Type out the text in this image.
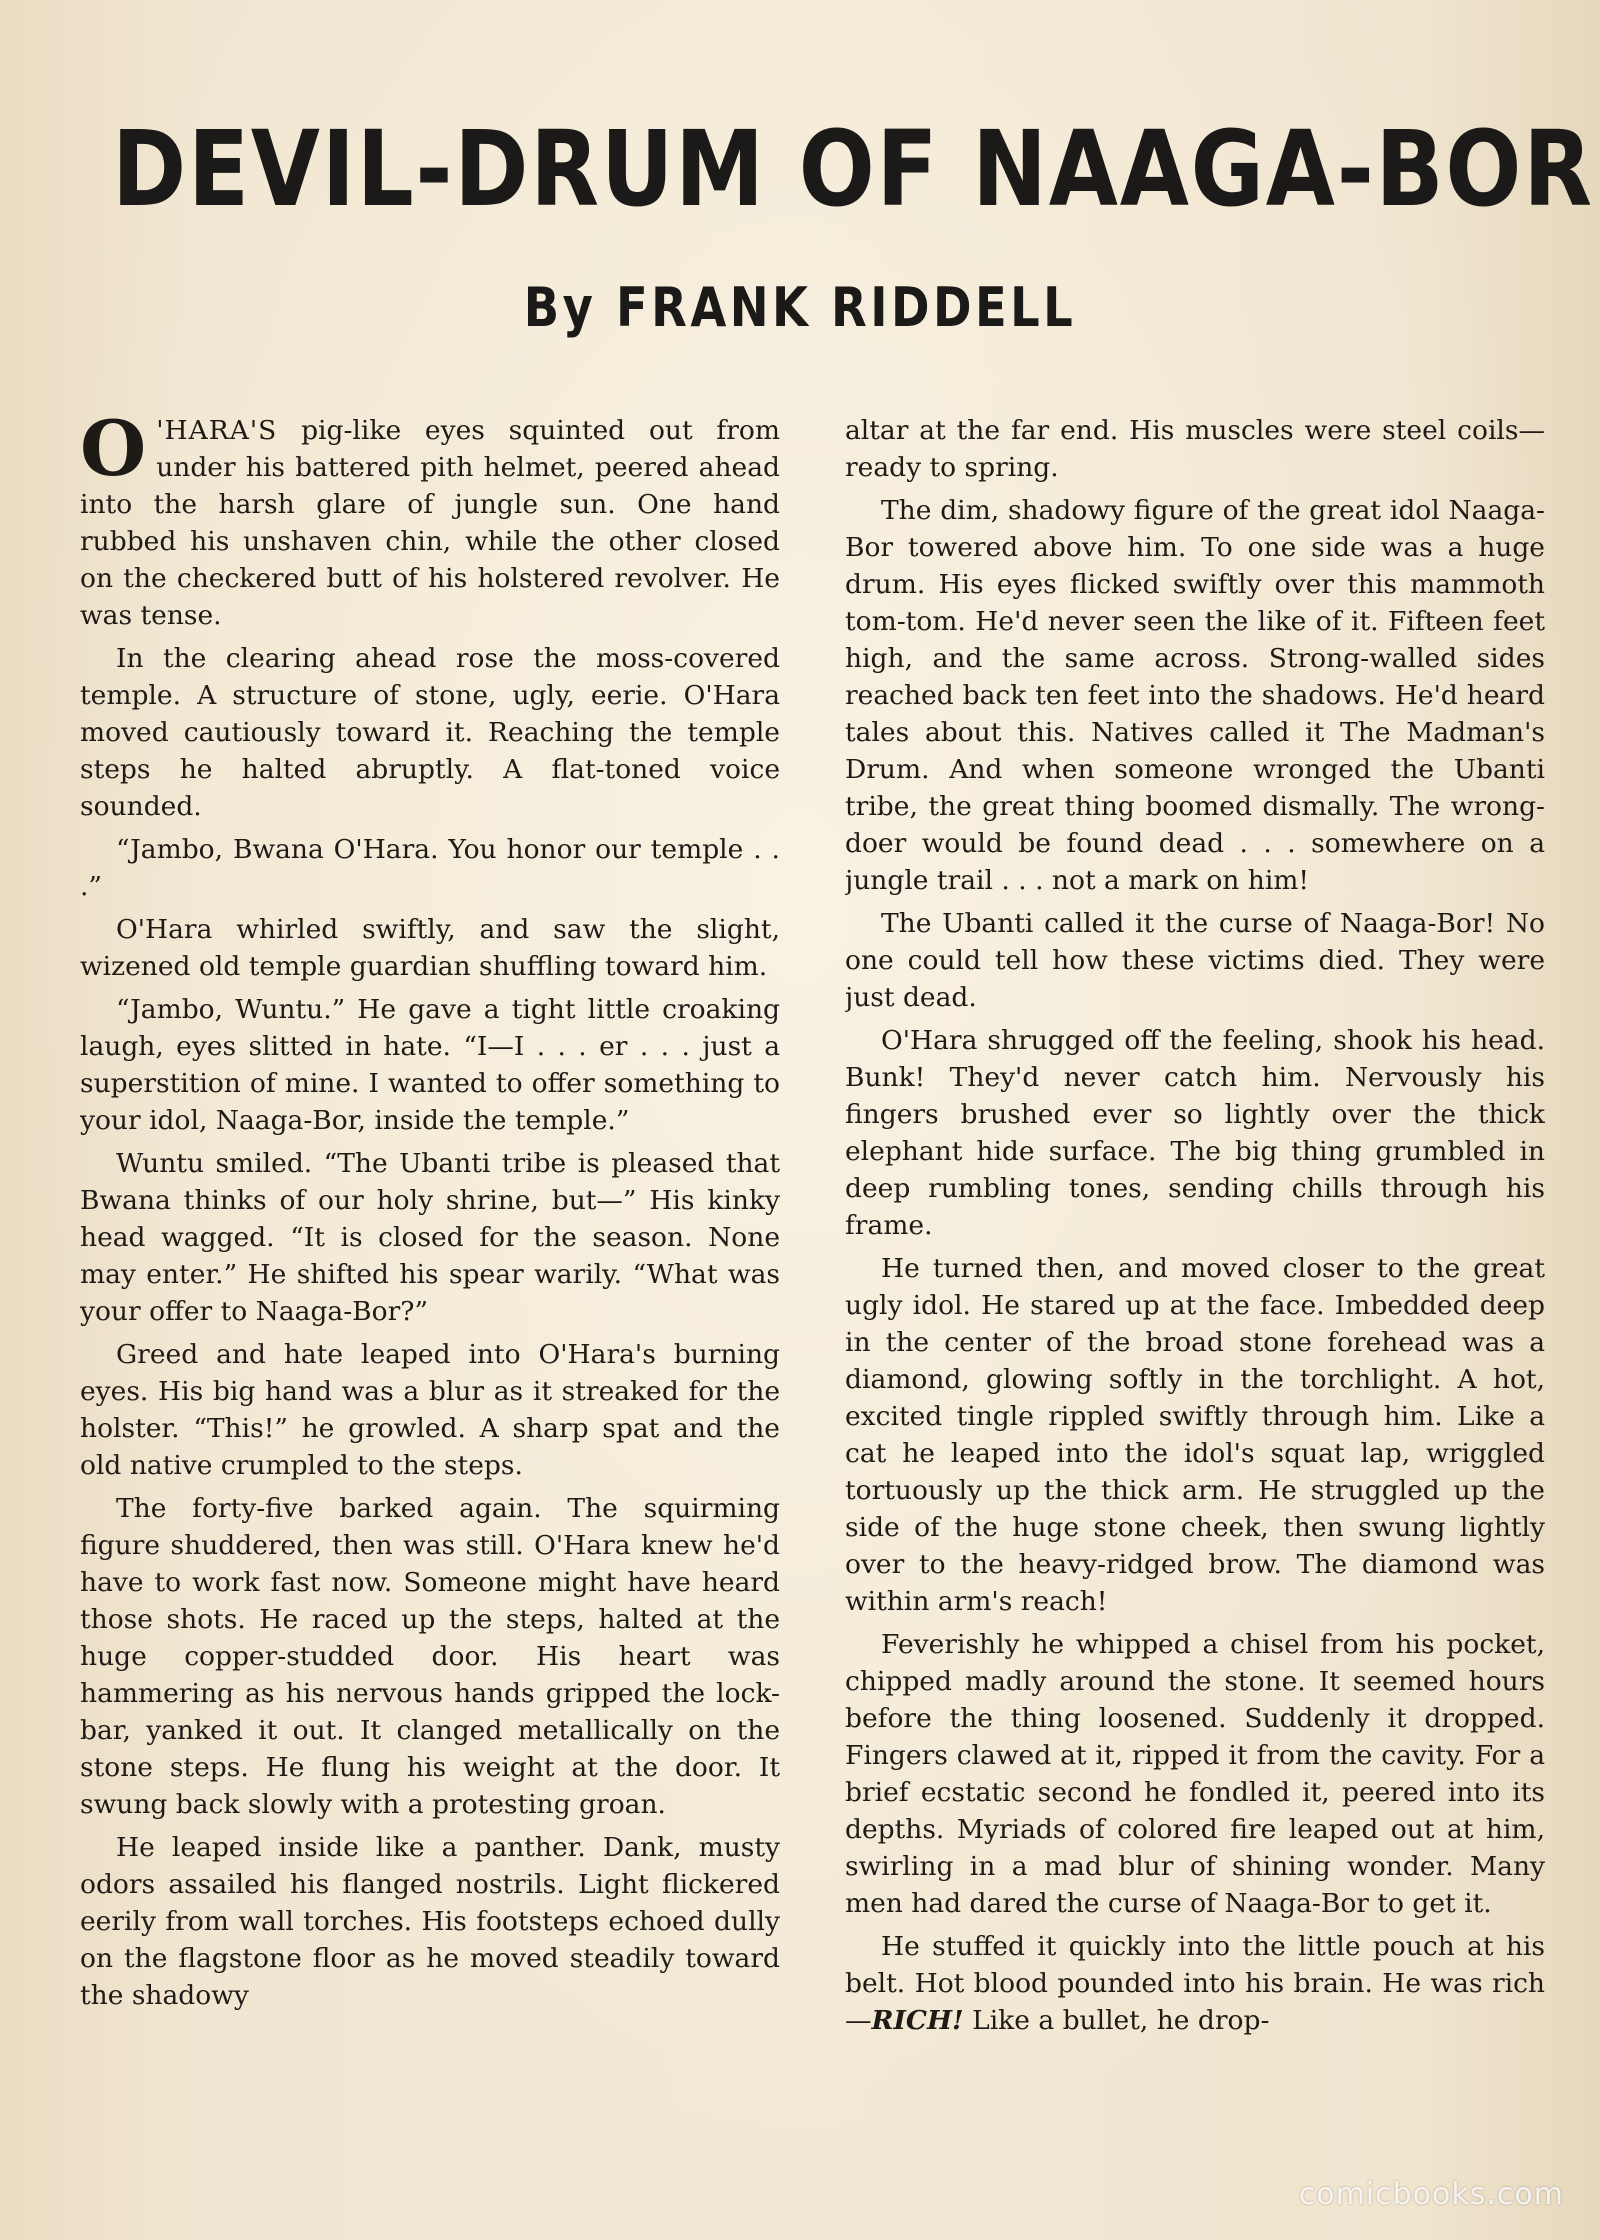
DEVIL-DRUM OF NAAGA-BOR
By FRANK RIDDELL

O 'HARA'S pig-like eyes squinted out from under his battered pith helmet, peered ahead into the harsh glare of jungle sun. One hand rubbed his unshaven chin, while the other closed on the checkered butt of his holstered revolver. He was tense.

In the clearing ahead rose the moss-covered temple. A structure of stone, ugly, eerie. O'Hara moved cautiously toward it. Reaching the temple steps he halted abruptly. A flat-toned voice sounded.

“Jambo, Bwana O'Hara. You honor our temple . . .”

O'Hara whirled swiftly, and saw the slight, wizened old temple guardian shuffling toward him.

“Jambo, Wuntu.” He gave a tight little croaking laugh, eyes slitted in hate. “I—I . . . er . . . just a superstition of mine. I wanted to offer something to your idol, Naaga-Bor, inside the temple.”

Wuntu smiled. “The Ubanti tribe is pleased that Bwana thinks of our holy shrine, but—” His kinky head wagged. “It is closed for the season. None may enter.” He shifted his spear warily. “What was your offer to Naaga-Bor?”

Greed and hate leaped into O'Hara's burning eyes. His big hand was a blur as it streaked for the holster. “This!” he growled. A sharp spat and the old native crumpled to the steps.

The forty-five barked again. The squirming figure shuddered, then was still. O'Hara knew he'd have to work fast now. Someone might have heard those shots. He raced up the steps, halted at the huge copper-studded door. His heart was hammering as his nervous hands gripped the lock-bar, yanked it out. It clanged metallically on the stone steps. He flung his weight at the door. It swung back slowly with a protesting groan.

He leaped inside like a panther. Dank, musty odors assailed his flanged nostrils. Light flickered eerily from wall torches. His footsteps echoed dully on the flagstone floor as he moved steadily toward the shadowy

altar at the far end. His muscles were steel coils—ready to spring.

The dim, shadowy figure of the great idol Naaga-Bor towered above him. To one side was a huge drum. His eyes flicked swiftly over this mammoth tom-tom. He'd never seen the like of it. Fifteen feet high, and the same across. Strong-walled sides reached back ten feet into the shadows. He'd heard tales about this. Natives called it The Madman's Drum. And when someone wronged the Ubanti tribe, the great thing boomed dismally. The wrong-doer would be found dead . . . somewhere on a jungle trail . . . not a mark on him!

The Ubanti called it the curse of Naaga-Bor! No one could tell how these victims died. They were just dead.

O'Hara shrugged off the feeling, shook his head. Bunk! They'd never catch him. Nervously his fingers brushed ever so lightly over the thick elephant hide surface. The big thing grumbled in deep rumbling tones, sending chills through his frame.

He turned then, and moved closer to the great ugly idol. He stared up at the face. Imbedded deep in the center of the broad stone forehead was a diamond, glowing softly in the torchlight. A hot, excited tingle rippled swiftly through him. Like a cat he leaped into the idol's squat lap, wriggled tortuously up the thick arm. He struggled up the side of the huge stone cheek, then swung lightly over to the heavy-ridged brow. The diamond was within arm's reach!

Feverishly he whipped a chisel from his pocket, chipped madly around the stone. It seemed hours before the thing loosened. Suddenly it dropped. Fingers clawed at it, ripped it from the cavity. For a brief ecstatic second he fondled it, peered into its depths. Myriads of colored fire leaped out at him, swirling in a mad blur of shining wonder. Many men had dared the curse of Naaga-Bor to get it.

He stuffed it quickly into the little pouch at his belt. Hot blood pounded into his brain. He was rich—RICH! Like a bullet, he drop-

comicbooks.com
